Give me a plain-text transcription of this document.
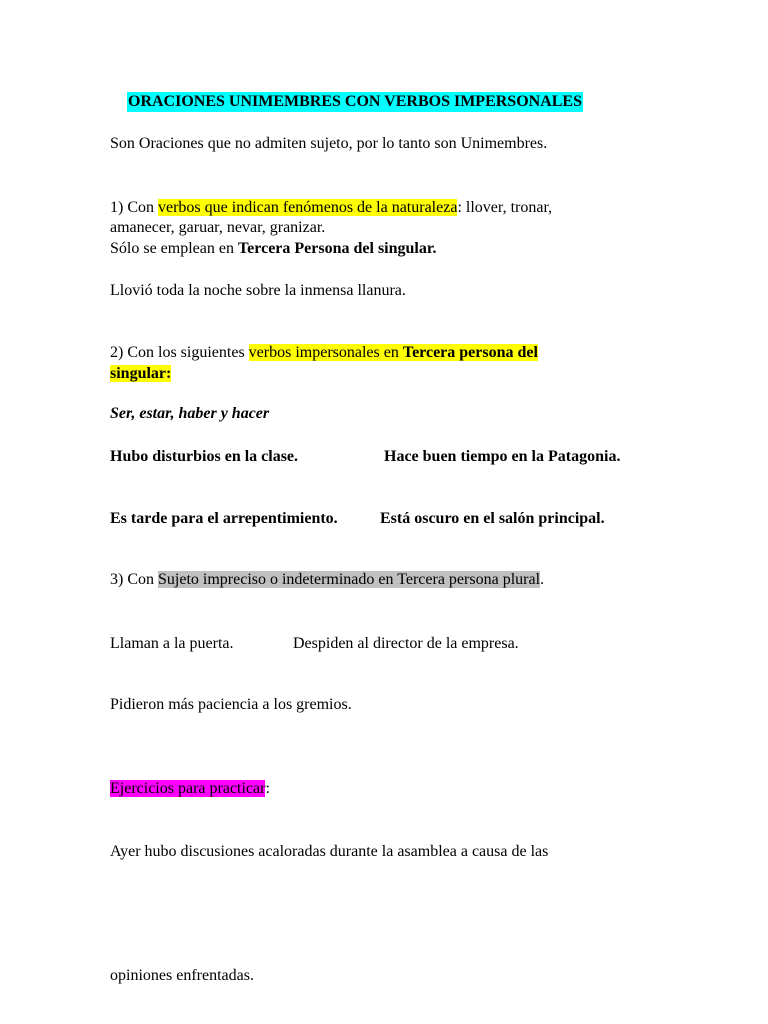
ORACIONES UNIMEMBRES CON VERBOS IMPERSONALES
Son Oraciones que no admiten sujeto, por lo tanto son Unimembres.
1) Con verbos que indican fenómenos de la naturaleza: llover, tronar,
amanecer, garuar, nevar, granizar.
Sólo se emplean en Tercera Persona del singular.
Llovió toda la noche sobre la inmensa llanura.
2) Con los siguientes verbos impersonales en Tercera persona del
singular:
Ser, estar, haber y hacer
Hubo disturbios en la clase.	Hace buen tiempo en la Patagonia.
Es tarde para el arrepentimiento.	Está oscuro en el salón principal.
3) Con Sujeto impreciso o indeterminado en Tercera persona plural.
Llaman a la puerta.	Despiden al director de la empresa.
Pidieron más paciencia a los gremios.
Ejercicios para practicar:
Ayer hubo discusiones acaloradas durante la asamblea a causa de las
opiniones enfrentadas.
